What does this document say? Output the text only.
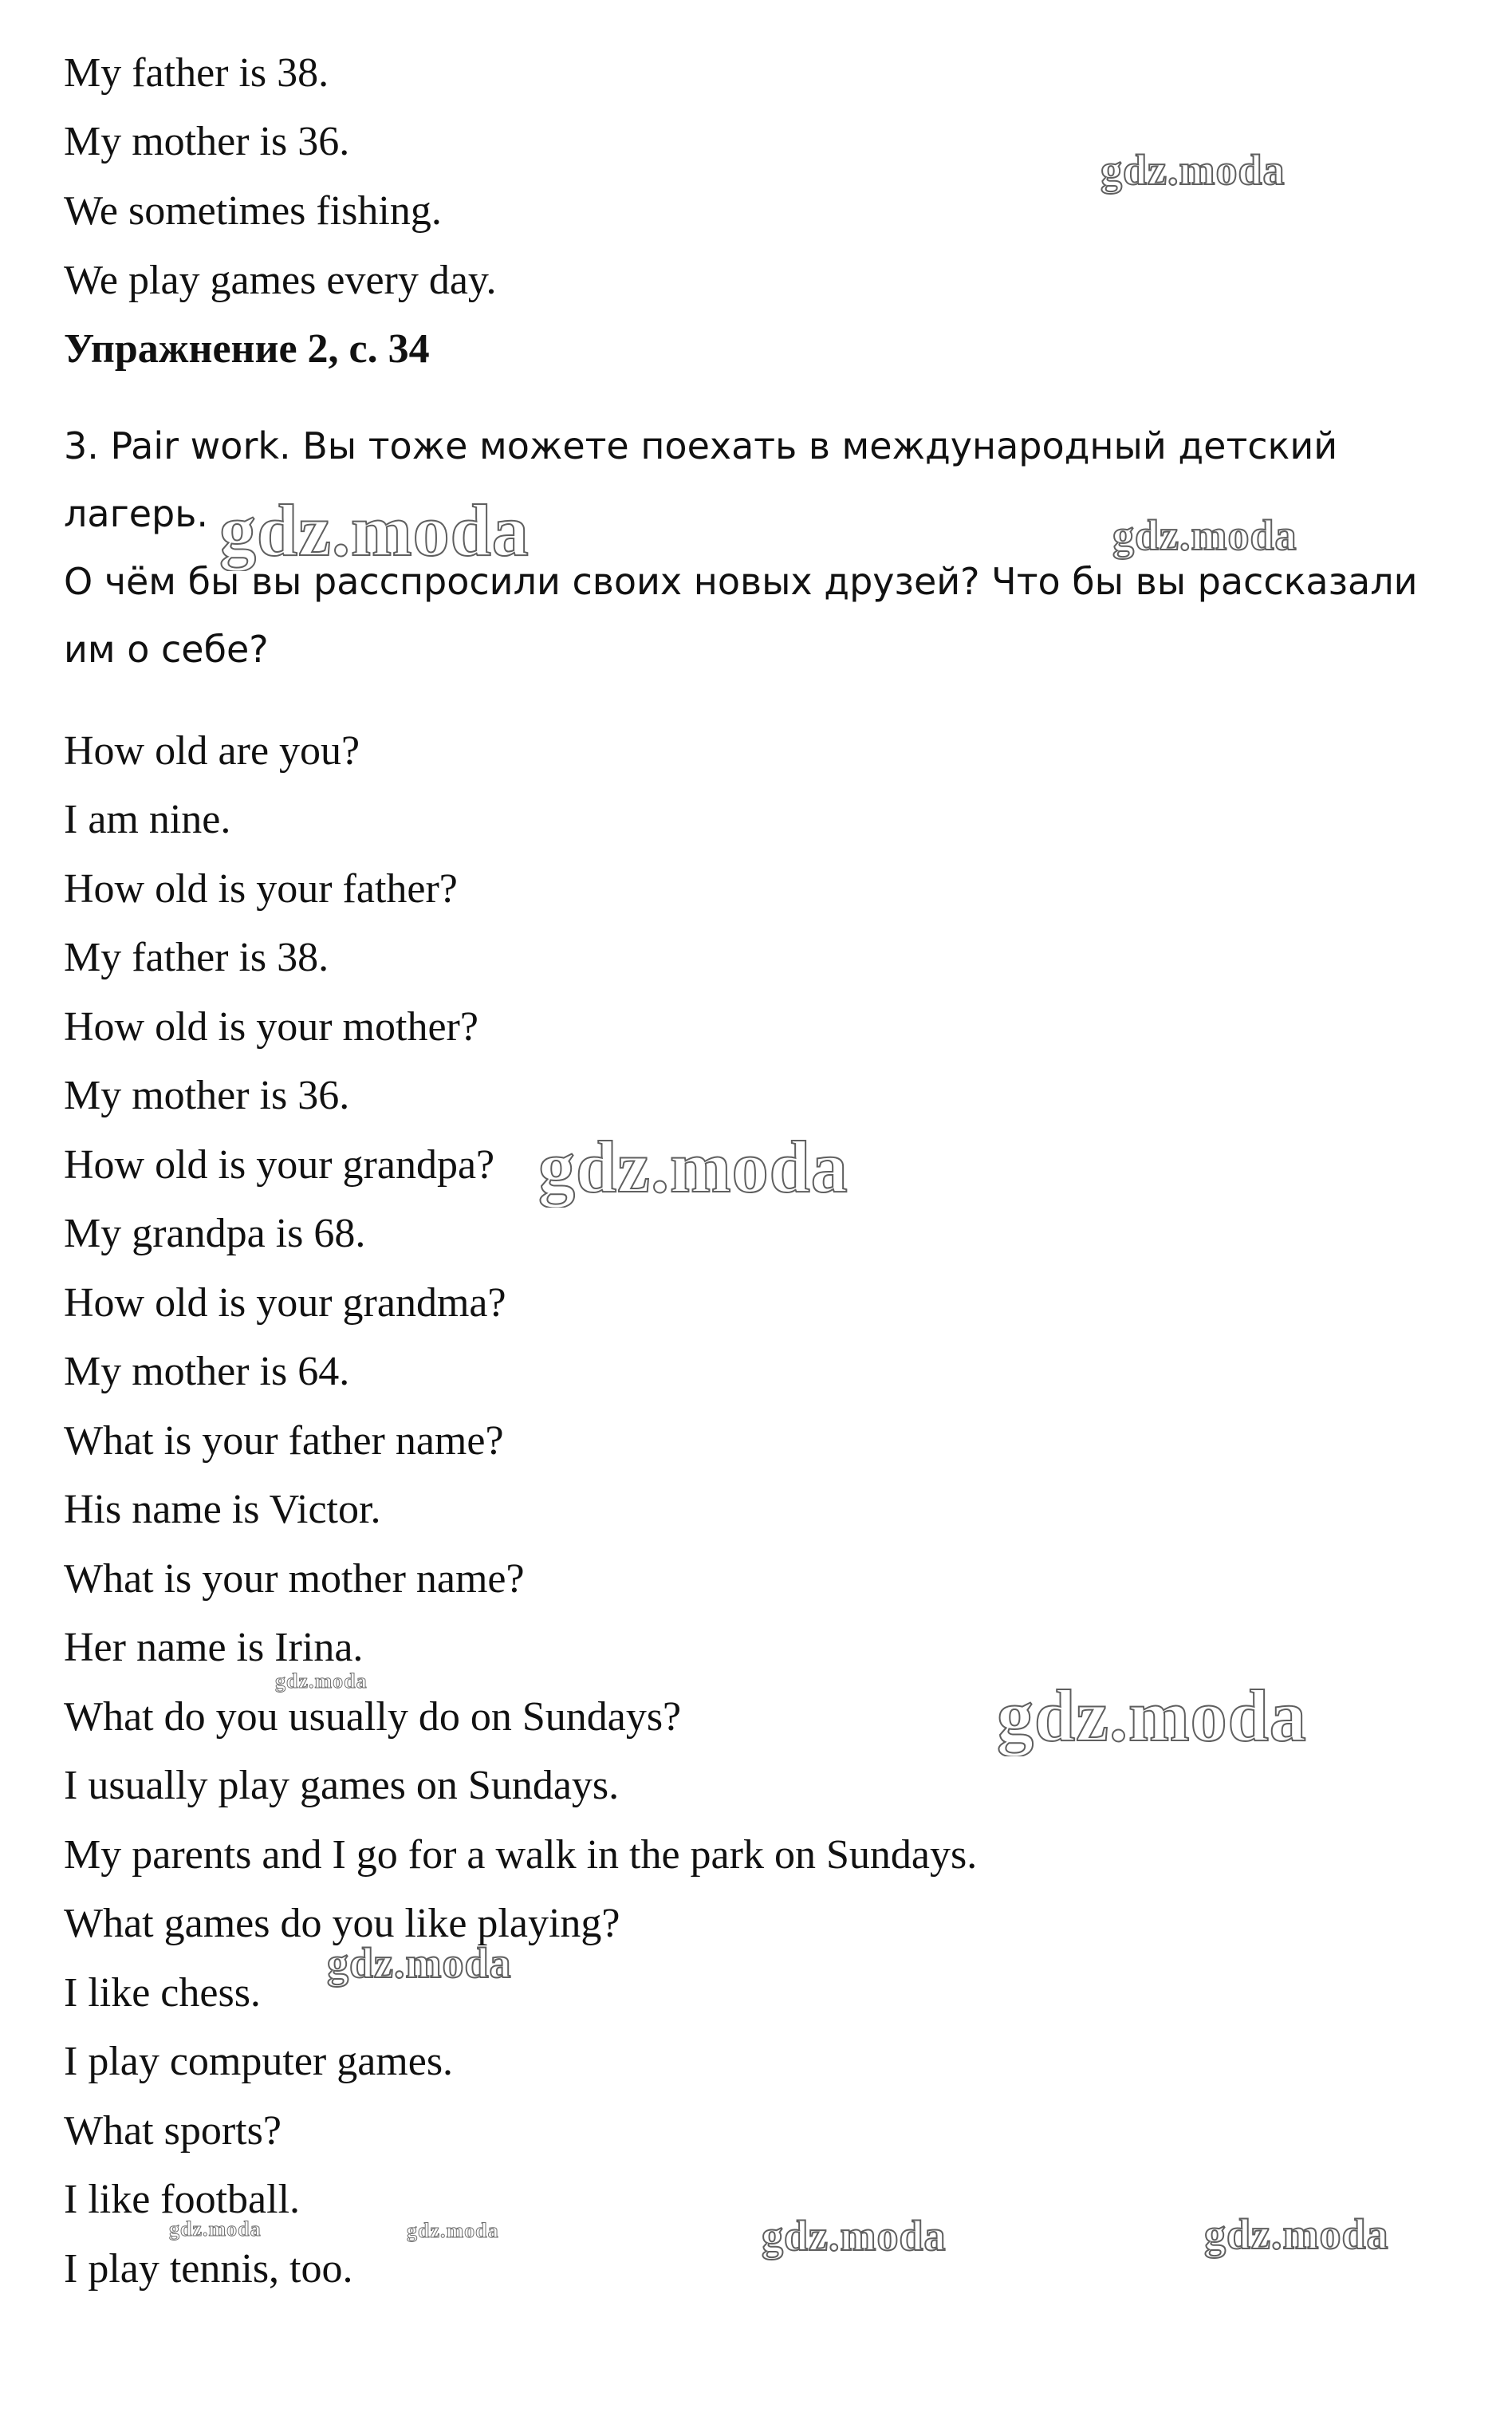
My father is 38.
My mother is 36.
We sometimes fishing.
We play games every day.
Упражнение 2, с. 34
3. Pair work. Вы тоже можете поехать в международный детский
лагерь.
О чём бы вы расспросили своих новых друзей? Что бы вы рассказали
им о себе?
How old are you?
I am nine.
How old is your father?
My father is 38.
How old is your mother?
My mother is 36.
How old is your grandpa?
My grandpa is 68.
How old is your grandma?
My mother is 64.
What is your father name?
His name is Victor.
What is your mother name?
Her name is Irina.
What do you usually do on Sundays?
I usually play games on Sundays.
My parents and I go for a walk in the park on Sundays.
What games do you like playing?
I like chess.
I play computer games.
What sports?
I like football.
I play tennis, too.
gdz.moda
gdz.moda	gdz.moda
gdz.moda
gdz.moda	gdz.moda
gdz.moda
gdz.moda	gdz.moda	gdz.moda	gdz.moda
